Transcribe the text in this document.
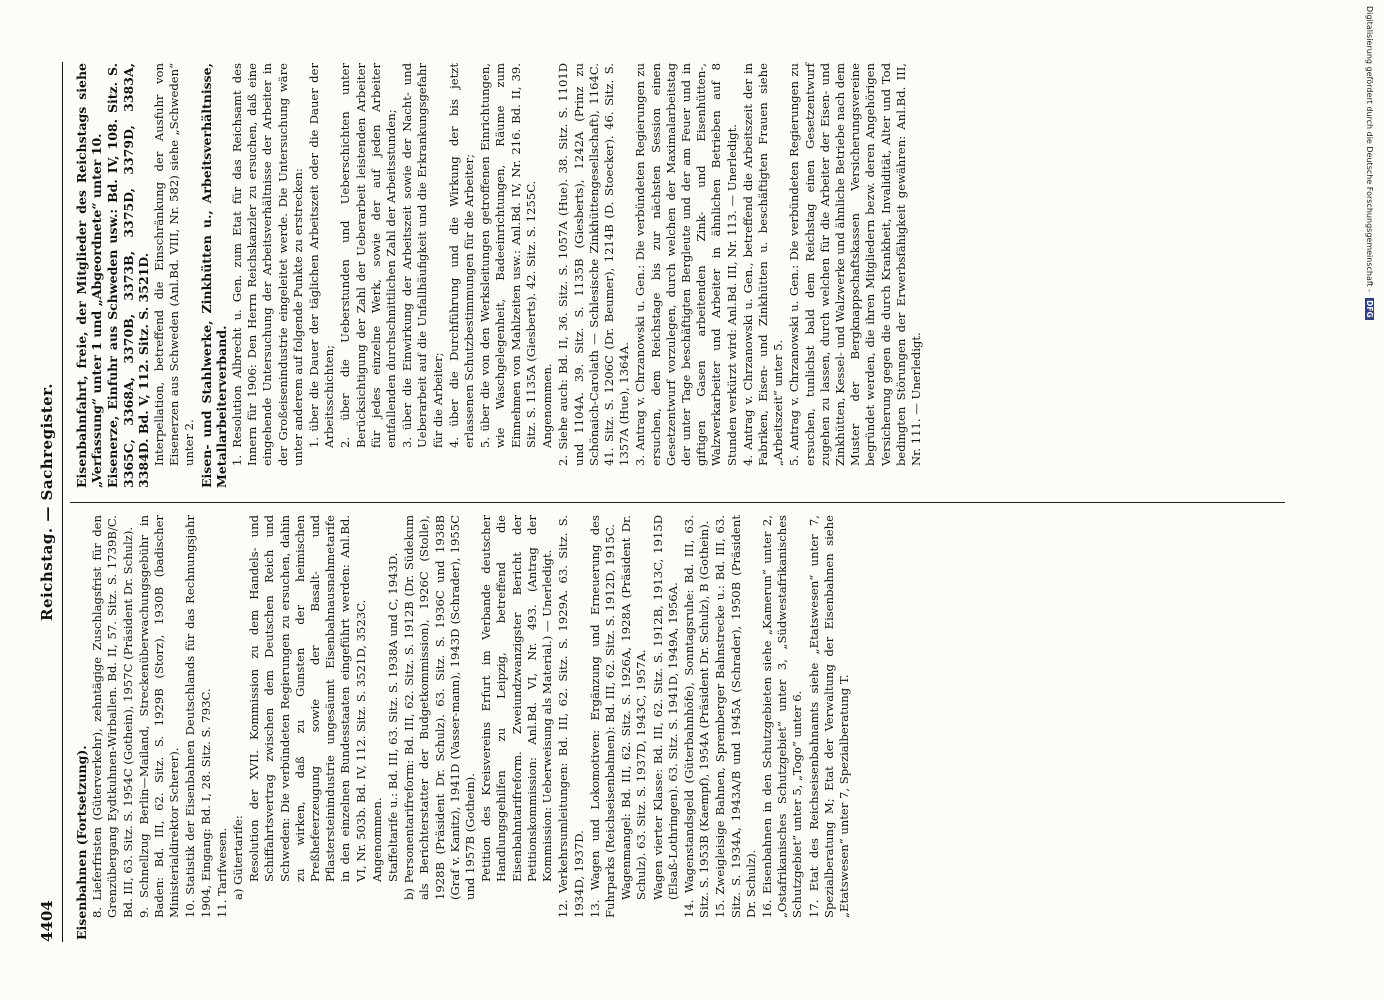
4404
Reichstag. — Sachregister.
Eisenbahnen (Fortsetzung). 8. Lieferfristen (Güterverkehr), zehntägige Zuschlagsfrist für den Grenzübergang Eydtkuhnen-Wirballen. Bd. II, 57. Sitz. S. 1739B/C. Bd. III, 63. Sitz. S. 1954C (Gothein), 1957C (Präsident Dr. Schulz). 9. Schnellzug Berlin—Mailand, Streckenüberwachungsgebühr in Baden: Bd. III, 62. Sitz. S. 1929B (Storz), 1930B (badischer Ministerialdirektor Scherer). 10. Statistik der Eisenbahnen Deutschlands für das Rechnungsjahr 1904, Eingang: Bd. I, 28. Sitz. S. 793C. 11. Tarifwesen. a) Gütertarife: Resolution der XVII. Kommission zu dem Handels- und Schiffahrtsvertrag zwischen dem Deutschen Reich und Schweden: Die verbündeten Regierungen zu ersuchen, dahin zu wirken, daß zu Gunsten der heimischen Preßhefeerzeugung sowie der Basalt- und Pflastersteinindustrie ungesäumt Eisenbahnausnahmetarife in den einzelnen Bundesstaaten eingeführt werden: Anl.Bd. VI, Nr. 503b. Bd. IV, 112. Sitz. S. 3521D, 3523C. Angenommen. Staffeltarife u.: Bd. III, 63. Sitz. S. 1938A und C, 1943D. b) Personentarifreform: Bd. III, 62. Sitz. S. 1912B (Dr. Südekum als Berichterstatter der Budgetkommission), 1926C (Stolle), 1928B (Präsident Dr. Schulz). 63. Sitz. S. 1936C und 1938B (Graf v. Kanitz), 1941D (Vasser-mann), 1943D (Schrader), 1955C und 1957B (Gothein). Petition des Kreisvereins Erfurt im Verbande deutscher Handlungsgehilfen zu Leipzig, betreffend die Eisenbahntarifreform. Zweiundzwanzigster Bericht der Petitionskommission: Anl.Bd. VI, Nr. 493. (Antrag der Kommission: Ueberweisung als Material.) — Unerledigt. 12. Verkehrsumleitungen: Bd. III, 62. Sitz. S. 1929A. 63. Sitz. S. 1934D, 1937D. 13. Wagen und Lokomotiven: Ergänzung und Erneuerung des Fuhrparks (Reichseisenbahnen): Bd. III, 62. Sitz. S. 1912D, 1915C. Wagenmangel: Bd. III, 62. Sitz. S. 1926A, 1928A (Präsident Dr. Schulz). 63. Sitz. S. 1937D, 1943C, 1957A. Wagen vierter Klasse: Bd. III, 62. Sitz. S. 1912B, 1913C, 1915D (Elsaß-Lothringen). 63. Sitz. S. 1941D, 1949A, 1956A. 14. Wagenstandsgeld (Güterbahnhöfe), Sonntagsruhe: Bd. III, 63. Sitz. S. 1953B (Kaempf), 1954A (Präsident Dr. Schulz), B (Gothein). 15. Zweigleisige Bahnen, Spremberger Bahnstrecke u.: Bd. III, 63. Sitz. S. 1934A, 1943A/B und 1945A (Schrader), 1950B (Präsident Dr. Schulz). 16. Eisenbahnen in den Schutzgebieten siehe „Kamerun“ unter 2, „Ostafrikanisches Schutzgebiet“ unter 3, „Südwestafrikanisches Schutzgebiet“ unter 5, „Togo“ unter 6. 17. Etat des Reichseisenbahnamts siehe „Etatswesen“ unter 7, Spezialberatung M; Etat der Verwaltung der Eisenbahnen siehe „Etatswesen“ unter 7, Spezialberatung T.
Eisenbahnfahrt, freie, der Mitglieder des Reichstags siehe „Verfassung“ unter 1 und „Abgeordnete“ unter 10. Eisenerze, Einfuhr aus Schweden usw.: Bd. IV, 108. Sitz. S. 3365C, 3368A, 3370B, 3373B, 3375D, 3379D, 3383A, 3384D. Bd. V, 112. Sitz. S. 3521D. Interpellation, betreffend die Einschränkung der Ausfuhr von Eisenerzen aus Schweden (Anl.Bd. VIII, Nr. 582) siehe „Schweden“ unter 2. Eisen- und Stahlwerke, Zinkhütten u., Arbeitsverhältnisse, Metallarbeiterverband. 1. Resolution Albrecht u. Gen. zum Etat für das Reichsamt des Innern für 1906: Den Herrn Reichskanzler zu ersuchen, daß eine eingehende Untersuchung der Arbeitsverhältnisse der Arbeiter in der Großeisenindustrie eingeleitet werde. Die Untersuchung wäre unter anderem auf folgende Punkte zu erstrecken: 1. über die Dauer der täglichen Arbeitszeit oder die Dauer der Arbeitsschichten; 2. über die Ueberstunden und Ueberschichten unter Berücksichtigung der Zahl der Ueberarbeit leistenden Arbeiter für jedes einzelne Werk, sowie der auf jeden Arbeiter entfallenden durchschnittlichen Zahl der Arbeitsstunden; 3. über die Einwirkung der Arbeitszeit sowie der Nacht- und Ueberarbeit auf die Unfallhäufigkeit und die Erkrankungsgefahr für die Arbeiter; 4. über die Durchführung und die Wirkung der bis jetzt erlassenen Schutzbestimmungen für die Arbeiter; 5. über die von den Werksleitungen getroffenen Einrichtungen, wie Waschgelegenheit, Badeeinrichtungen, Räume zum Einnehmen von Mahlzeiten usw.: Anl.Bd. IV, Nr. 216. Bd. II, 39. Sitz. S. 1135A (Giesberts). 42. Sitz. S. 1255C. Angenommen. 2. Siehe auch: Bd. II, 36. Sitz. S. 1057A (Hue). 38. Sitz. S. 1101D und 1104A. 39. Sitz. S. 1135B (Giesberts), 1242A (Prinz zu Schönaich-Carolath — Schlesische Zinkhüttengesellschaft), 1164C. 41. Sitz. S. 1206C (Dr. Beumer), 1214B (D. Stoecker). 46. Sitz. S. 1357A (Hue), 1364A. 3. Antrag v. Chrzanowski u. Gen.: Die verbündeten Regierungen zu ersuchen, dem Reichstage bis zur nächsten Session einen Gesetzentwurf vorzulegen, durch welchen der Maximalarbeitstag der unter Tage beschäftigten Bergleute und der am Feuer und in giftigen Gasen arbeitenden Zink- und Eisenhütten-, Walzwerkarbeiter und Arbeiter in ähnlichen Betrieben auf 8 Stunden verkürzt wird: Anl.Bd. III, Nr. 113. — Unerledigt. 4. Antrag v. Chrzanowski u. Gen., betreffend die Arbeitszeit der in Fabriken, Eisen- und Zinkhütten u. beschäftigten Frauen siehe „Arbeitszeit“ unter 5. 5. Antrag v. Chrzanowski u. Gen.: Die verbündeten Regierungen zu ersuchen, tunlichst bald dem Reichstag einen Gesetzentwurf zugehen zu lassen, durch welchen für die Arbeiter der Eisen- und Zinkhütten, Kessel- und Walzwerke und ähnliche Betriebe nach dem Muster der Bergknappschaftskassen Versicherungsvereine begründet werden, die ihren Mitgliedern bezw. deren Angehörigen Versicherung gegen die durch Krankheit, Invalidität, Alter und Tod bedingten Störungen der Erwerbsfähigkeit gewähren: Anl.Bd. III, Nr. 111. — Unerledigt.
Digitalisierung gefördert durch die Deutsche Forschungsgemeinschaft -DFG
